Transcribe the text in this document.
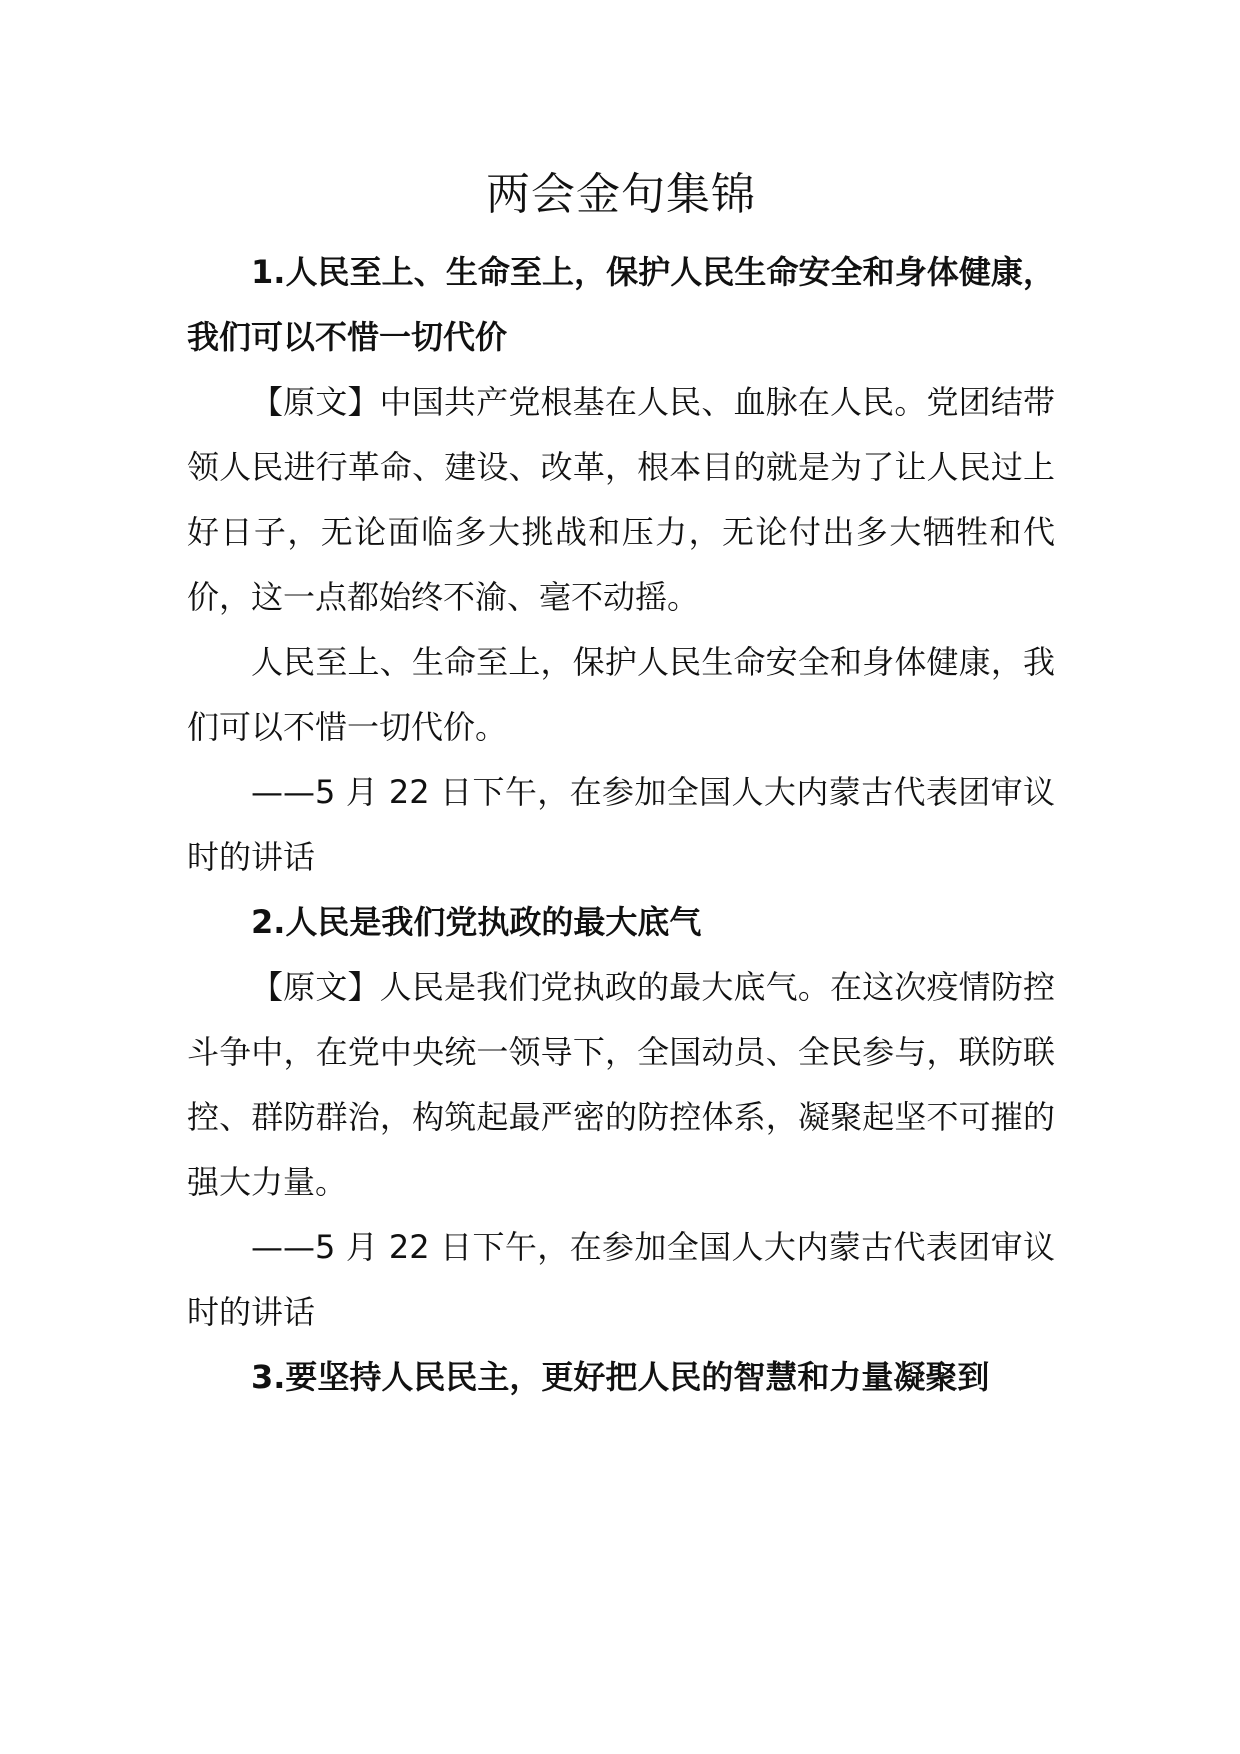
两会金句集锦

1.人民至上、生命至上，保护人民生命安全和身体健康，我们可以不惜一切代价

【原文】中国共产党根基在人民、血脉在人民。党团结带领人民进行革命、建设、改革，根本目的就是为了让人民过上好日子，无论面临多大挑战和压力，无论付出多大牺牲和代价，这一点都始终不渝、毫不动摇。

人民至上、生命至上，保护人民生命安全和身体健康，我们可以不惜一切代价。

——5 月 22 日下午，在参加全国人大内蒙古代表团审议时的讲话

2.人民是我们党执政的最大底气

【原文】人民是我们党执政的最大底气。在这次疫情防控斗争中，在党中央统一领导下，全国动员、全民参与，联防联控、群防群治，构筑起最严密的防控体系，凝聚起坚不可摧的强大力量。

——5 月 22 日下午，在参加全国人大内蒙古代表团审议时的讲话

3.要坚持人民民主，更好把人民的智慧和力量凝聚到
